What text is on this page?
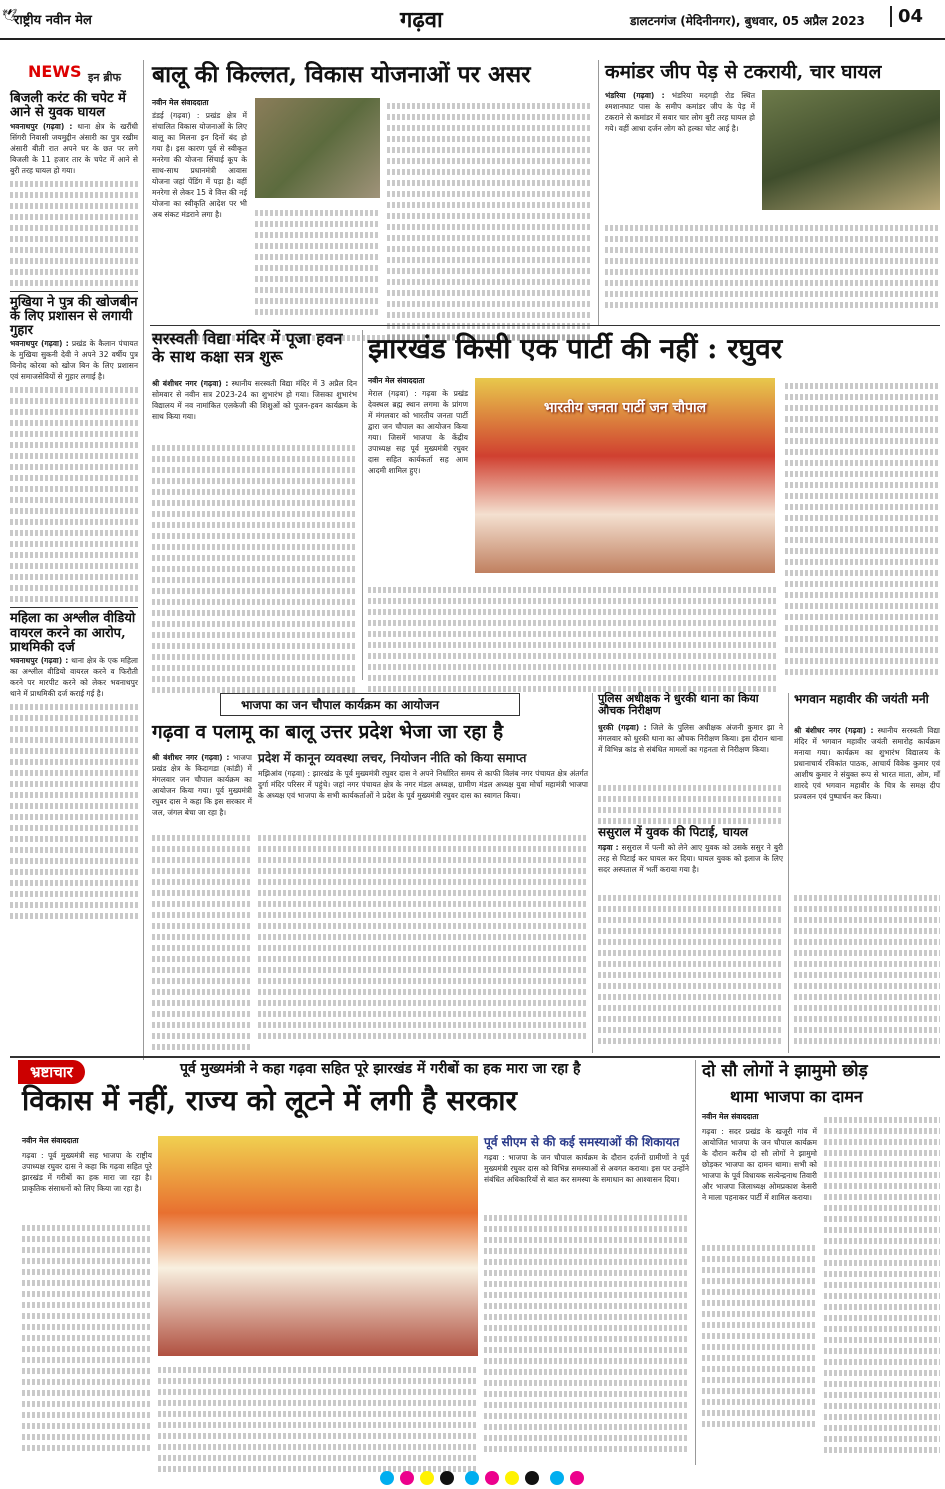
🕊
राष्ट्रीय नवीन मेल	गढ़वा	डालटनगंज (मेदिनीनगर), बुधवार, 05 अप्रैल 2023	04
NEWS इन ब्रीफ
बिजली करंट की चपेट में आने से युवक घायल
भवनाथपुर (गढ़वा) : थाना क्षेत्र के खरौंधी सिंगरी निवासी जयमुद्दीन अंसारी का पुत्र रखीम अंसारी बीती रात अपने घर के छत पर लगे बिजली के 11 हजार तार के चपेट में आने से बुरी तरह घायल हो गया।
मुखिया ने पुत्र की खोजबीन के लिए प्रशासन से लगायी गुहार
भवनाथपुर (गढ़वा) : प्रखंड के कैलान पंचायत के मुखिया सुकनी देवी ने अपने 32 वर्षीय पुत्र विनोद कोरवा को खोज बिन के लिए प्रशासन एवं समाजसेवियों से गुहार लगाई है।
महिला का अश्लील वीडियो वायरल करने का आरोप, प्राथमिकी दर्ज
भवनाथपुर (गढ़वा) : थाना क्षेत्र के एक महिला का अश्लील वीडियो वायरल करने व फिरौती करने पर मारपीट करने को लेकर भवनाथपुर थाने में प्राथमिकी दर्ज कराई गई है।
बालू की किल्लत, विकास योजनाओं पर असर
नवीन मेल संवाददाता
डंडई (गढ़वा) : प्रखंड क्षेत्र में संचालित विकास योजनाओं के लिए बालू का मिलना इन दिनों बंद हो गया है। इस कारण पूर्व से स्वीकृत मनरेगा की योजना सिंचाई कूप के साथ-साथ प्रधानमंत्री आवास योजना जहां पेंडिंग में पड़ा है। वहीं मनरेगा से लेकर 15 वे वित्त की नई योजना का स्वीकृति आदेश पर भी अब संकट मंडराने लगा है।
कमांडर जीप पेड़ से टकरायी, चार घायल
भंडरिया (गढ़वा) : भंडरिया मदगड़ी रोड स्थित श्मशानघाट पास के समीप कमांडर जीप के पेड़ में टकराने से कमांडर में सवार चार लोग बुरी तरह घायल हो गये। वहीं आधा दर्जन लोग को हल्का चोट आई है।
सरस्वती विद्या मंदिर में पूजा हवन के साथ कक्षा सत्र शुरू
श्री बंशीधर नगर (गढ़वा) : स्थानीय सरस्वती विद्या मंदिर में 3 अप्रैल दिन सोमवार से नवीन सत्र 2023-24 का शुभारंभ हो गया। जिसका शुभारंभ विद्यालय में नव नामांकित एलकेजी की शिशुओं को पूजन-हवन कार्यक्रम के साथ किया गया।
झारखंड किसी एक पार्टी की नहीं : रघुवर
नवीन मेल संवाददाता
मेराल (गढ़वा) : गढ़वा के प्रखंड देवस्थल ब्रह्म स्थान लगमा के प्रांगण में मंगलवार को भारतीय जनता पार्टी द्वारा जन चौपाल का आयोजन किया गया। जिसमें भाजपा के केंद्रीय उपाध्यक्ष सह पूर्व मुख्यमंत्री रघुवर दास सहित कार्यकर्ता सह आम आदमी शामिल हुए।
भारतीय जनता पार्टी जन चौपाल
भाजपा का जन चौपाल कार्यक्रम का आयोजन
गढ़वा व पलामू का बालू उत्तर प्रदेश भेजा जा रहा है
श्री बंशीधर नगर (गढ़वा) : भाजपा प्रखंड क्षेत्र के किदागडा (कांडी) में मंगलवार जन चौपाल कार्यक्रम का आयोजन किया गया। पूर्व मुख्यमंत्री रघुवर दास ने कहा कि इस सरकार में जल, जंगल बेचा जा रहा है।
प्रदेश में कानून व्यवस्था लचर, नियोजन नीति को किया समाप्त
मझिआंव (गढ़वा) : झारखंड के पूर्व मुख्यमंत्री रघुवर दास ने अपने निर्धारित समय से काफी विलंब नगर पंचायत क्षेत्र अंतर्गत दुर्गा मंदिर परिसर में पहुंचे। जहां नगर पंचायत क्षेत्र के नगर मंडल अध्यक्ष, ग्रामीण मंडल अध्यक्ष युवा मोर्चा महामंत्री भाजपा के अध्यक्ष एवं भाजपा के सभी कार्यकर्ताओं ने प्रदेश के पूर्व मुख्यमंत्री रघुवर दास का स्वागत किया।
पुलिस अधीक्षक ने धुरकी थाना का किया औचक निरीक्षण
धुरकी (गढ़वा) : जिले के पुलिस अधीक्षक अंजनी कुमार झा ने मंगलवार को धुरकी थाना का औचक निरीक्षण किया। इस दौरान थाना में विभिन्न कांड से संबंधित मामलों का गहनता से निरीक्षण किया।
ससुराल में युवक की पिटाई, घायल
गढ़वा : ससुराल में पत्नी को लेने आए युवक को उसके ससुर ने बुरी तरह से पिटाई कर घायल कर दिया। घायल युवक को इलाज के लिए सदर अस्पताल में भर्ती कराया गया है।
भगवान महावीर की जयंती मनी
श्री बंशीधर नगर (गढ़वा) : स्थानीय सरस्वती विद्या मंदिर में भगवान महावीर जयंती समारोह कार्यक्रम मनाया गया। कार्यक्रम का शुभारंभ विद्यालय के प्रधानाचार्य रविकांत पाठक, आचार्य विवेक कुमार एवं आशीष कुमार ने संयुक्त रूप से भारत माता, ओम, माँ शारदे एवं भगवान महावीर के चित्र के समक्ष दीप प्रज्वलन एवं पुष्पार्चन कर किया।
भ्रष्टाचार	पूर्व मुख्यमंत्री ने कहा गढ़वा सहित पूरे झारखंड में गरीबों का हक मारा जा रहा है
विकास में नहीं, राज्य को लूटने में लगी है सरकार
नवीन मेल संवाददाता
गढ़वा : पूर्व मुख्यमंत्री सह भाजपा के राष्ट्रीय उपाध्यक्ष रघुवर दास ने कहा कि गढ़वा सहित पूरे झारखंड में गरीबों का हक मारा जा रहा है। प्राकृतिक संसाधनों को लिए किया जा रहा है।
पूर्व सीएम से की कई समस्याओं की शिकायत
गढ़वा : भाजपा के जन चौपाल कार्यक्रम के दौरान दर्जनों ग्रामीणों ने पूर्व मुख्यमंत्री रघुवर दास को विभिन्न समस्याओं से अवगत कराया। इस पर उन्होंने संबंधित अधिकारियों से बात कर समस्या के समाधान का आश्वासन दिया।
दो सौ लोगों ने झामुमो छोड़
थामा भाजपा का दामन
नवीन मेल संवाददाता
गढ़वा : सदर प्रखंड के खजूरी गांव में आयोजित भाजपा के जन चौपाल कार्यक्रम के दौरान करीब दो सौ लोगों ने झामुमो छोड़कर भाजपा का दामन थामा। सभी को भाजपा के पूर्व विधायक सत्येन्द्रनाथ तिवारी और भाजपा जिलाध्यक्ष ओमप्रकाश केसरी ने माला पहनाकर पार्टी में शामिल कराया।
